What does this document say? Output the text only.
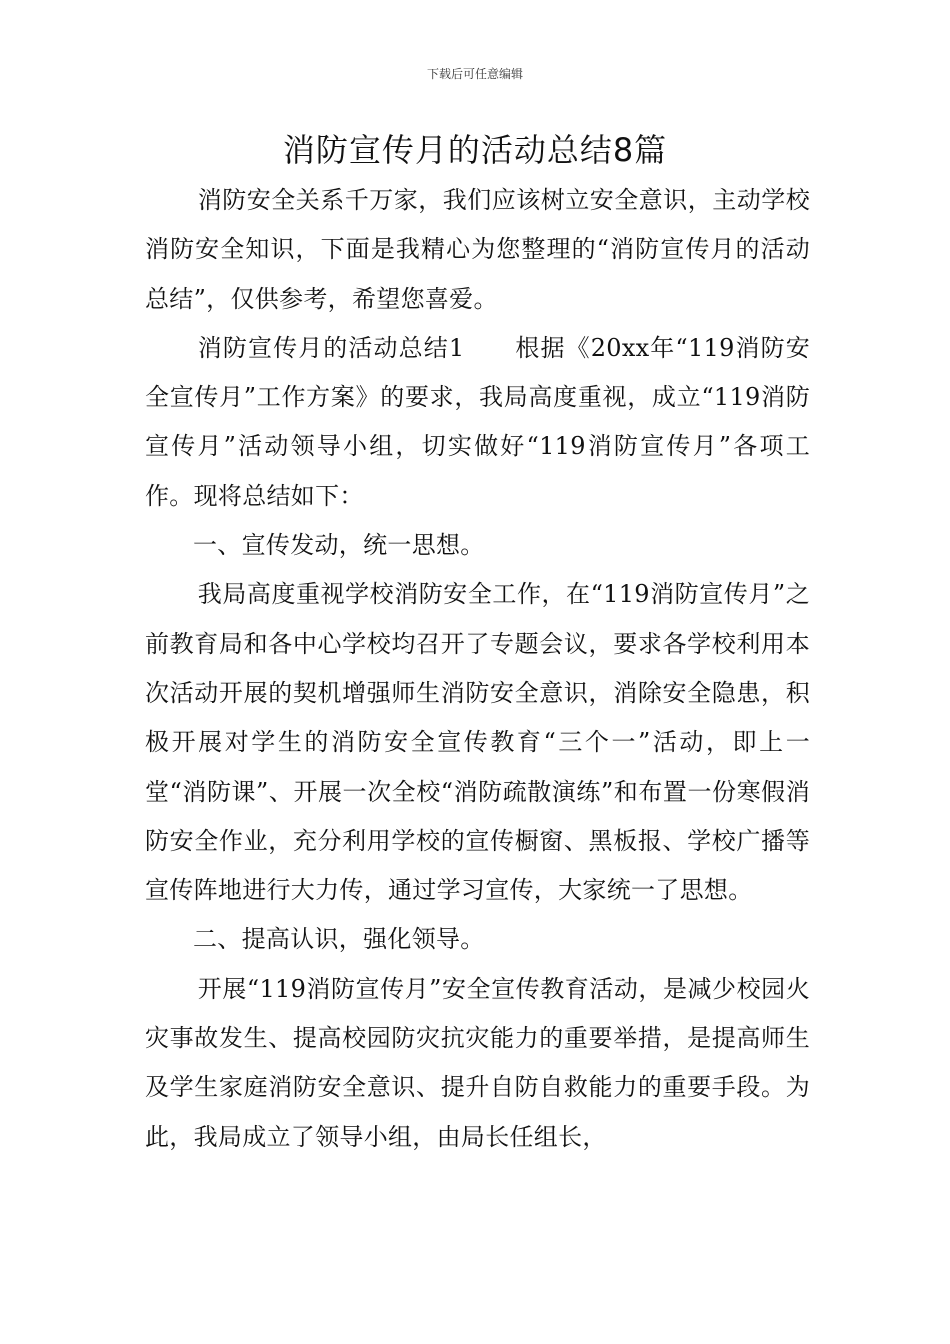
下载后可任意编辑
消防宣传月的活动总结8篇

消防安全关系千万家，我们应该树立安全意识，主动学校消防安全知识，下面是我精心为您整理的“消防宣传月的活动总结”，仅供参考，希望您喜爱。

消防宣传月的活动总结1　　根据《20xx年“119消防安全宣传月”工作方案》的要求，我局高度重视，成立“119消防宣传月”活动领导小组，切实做好“119消防宣传月”各项工作。现将总结如下：

一、宣传发动，统一思想。

我局高度重视学校消防安全工作，在“119消防宣传月”之前教育局和各中心学校均召开了专题会议，要求各学校利用本次活动开展的契机增强师生消防安全意识，消除安全隐患，积极开展对学生的消防安全宣传教育“三个一”活动，即上一堂“消防课”、开展一次全校“消防疏散演练”和布置一份寒假消防安全作业，充分利用学校的宣传橱窗、黑板报、学校广播等宣传阵地进行大力传，通过学习宣传，大家统一了思想。

二、提高认识，强化领导。

开展“119消防宣传月”安全宣传教育活动，是减少校园火灾事故发生、提高校园防灾抗灾能力的重要举措，是提高师生及学生家庭消防安全意识、提升自防自救能力的重要手段。为此，我局成立了领导小组，由局长任组长，
